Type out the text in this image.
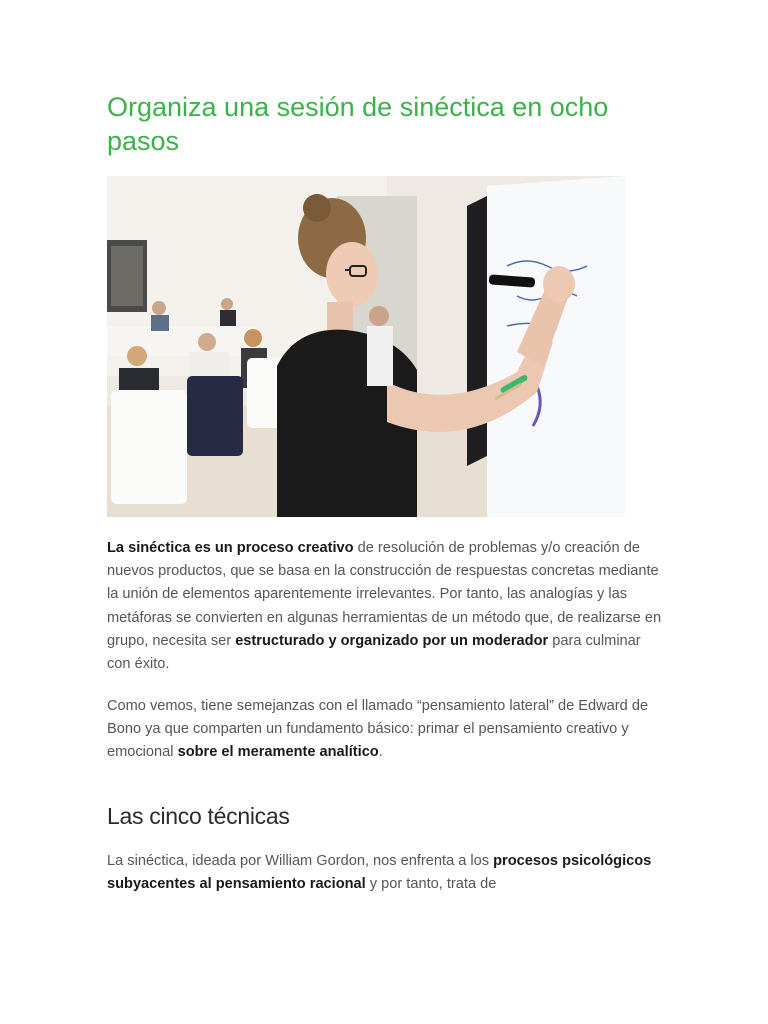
Organiza una sesión de sinéctica en ocho pasos

La sinéctica es un proceso creativo de resolución de problemas y/o creación de nuevos productos, que se basa en la construcción de respuestas concretas mediante la unión de elementos aparentemente irrelevantes. Por tanto, las analogías y las metáforas se convierten en algunas herramientas de un método que, de realizarse en grupo, necesita ser estructurado y organizado por un moderador para culminar con éxito.

Como vemos, tiene semejanzas con el llamado “pensamiento lateral” de Edward de Bono ya que comparten un fundamento básico: primar el pensamiento creativo y emocional sobre el meramente analítico.

Las cinco técnicas

La sinéctica, ideada por William Gordon, nos enfrenta a los procesos psicológicos subyacentes al pensamiento racional y por tanto, trata de
